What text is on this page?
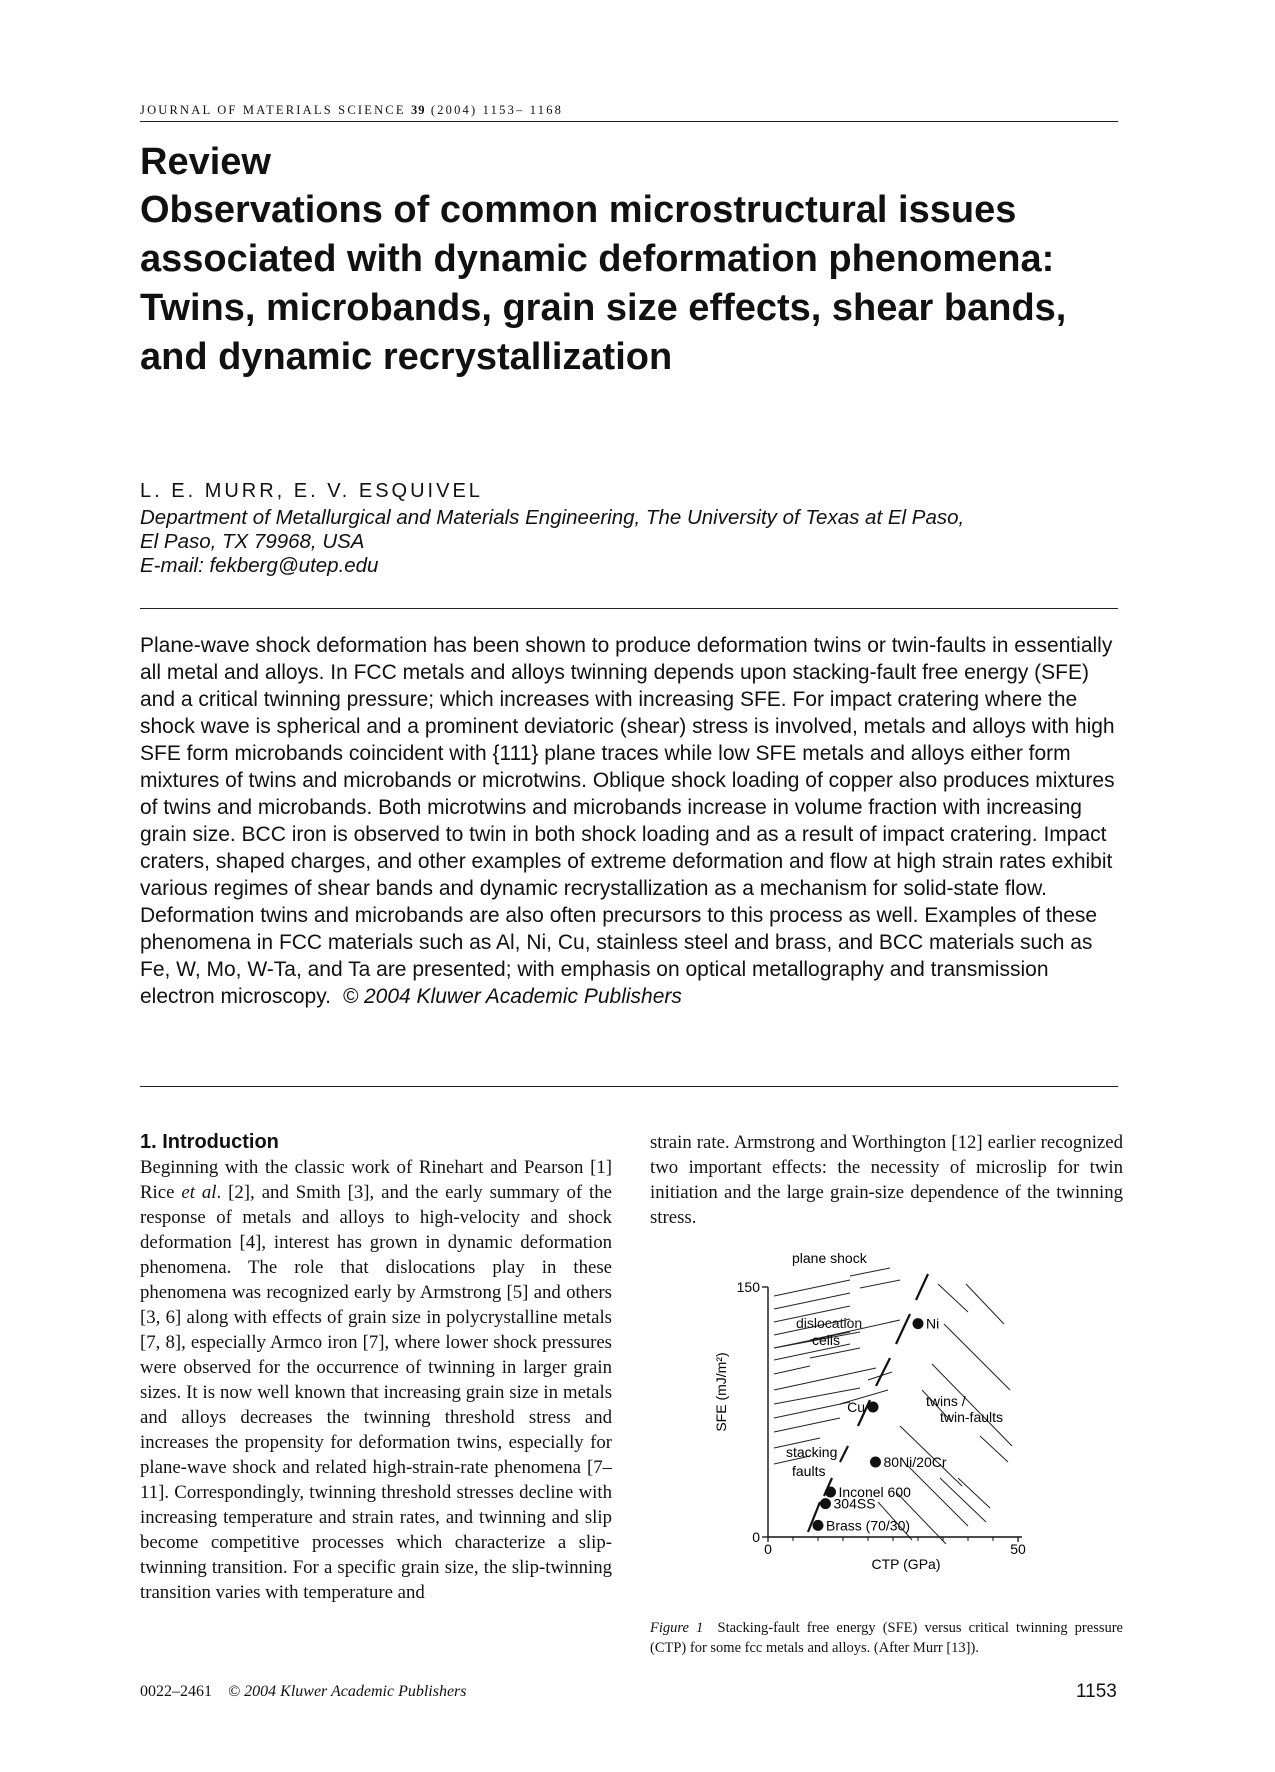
JOURNAL OF MATERIALS SCIENCE 39 (2004) 1153– 1168
Review
Observations of common microstructural issues associated with dynamic deformation phenomena: Twins, microbands, grain size effects, shear bands, and dynamic recrystallization
L. E. MURR, E. V. ESQUIVEL
Department of Metallurgical and Materials Engineering, The University of Texas at El Paso,
El Paso, TX 79968, USA
E-mail: fekberg@utep.edu

Plane-wave shock deformation has been shown to produce deformation twins or twin-faults in essentially all metal and alloys. In FCC metals and alloys twinning depends upon stacking-fault free energy (SFE) and a critical twinning pressure; which increases with increasing SFE. For impact cratering where the shock wave is spherical and a prominent deviatoric (shear) stress is involved, metals and alloys with high SFE form microbands coincident with {111} plane traces while low SFE metals and alloys either form mixtures of twins and microbands or microtwins. Oblique shock loading of copper also produces mixtures of twins and microbands. Both microtwins and microbands increase in volume fraction with increasing grain size. BCC iron is observed to twin in both shock loading and as a result of impact cratering. Impact craters, shaped charges, and other examples of extreme deformation and flow at high strain rates exhibit various regimes of shear bands and dynamic recrystallization as a mechanism for solid-state flow. Deformation twins and microbands are also often precursors to this process as well. Examples of these phenomena in FCC materials such as Al, Ni, Cu, stainless steel and brass, and BCC materials such as Fe, W, Mo, W-Ta, and Ta are presented; with emphasis on optical metallography and transmission electron microscopy. © 2004 Kluwer Academic Publishers

1. Introduction

Beginning with the classic work of Rinehart and Pearson [1] Rice et al. [2], and Smith [3], and the early summary of the response of metals and alloys to high-velocity and shock deformation [4], interest has grown in dynamic deformation phenomena. The role that dislocations play in these phenomena was recognized early by Armstrong [5] and others [3, 6] along with effects of grain size in polycrystalline metals [7, 8], especially Armco iron [7], where lower shock pressures were observed for the occurrence of twinning in larger grain sizes. It is now well known that increasing grain size in metals and alloys decreases the twinning threshold stress and increases the propensity for deformation twins, especially for plane-wave shock and related high-strain-rate phenomena [7–11]. Correspondingly, twinning threshold stresses decline with increasing temperature and strain rates, and twinning and slip become competitive processes which characterize a slip-twinning transition. For a specific grain size, the slip-twinning transition varies with temperature and

strain rate. Armstrong and Worthington [12] earlier recognized two important effects: the necessity of microslip for twin initiation and the large grain-size dependence of the twinning stress.

150
0
0	50
Ni
Cu
80Ni/20Cr
Inconel 600
304SS
Brass (70/30)
plane shock
dislocation
cells
twins /
twin-faults
stacking
faults
CTP (GPa)
SFE (mJ/m²)
Figure 1 Stacking-fault free energy (SFE) versus critical twinning pressure (CTP) for some fcc metals and alloys. (After Murr [13]).
0022–2461 © 2004 Kluwer Academic Publishers	1153
